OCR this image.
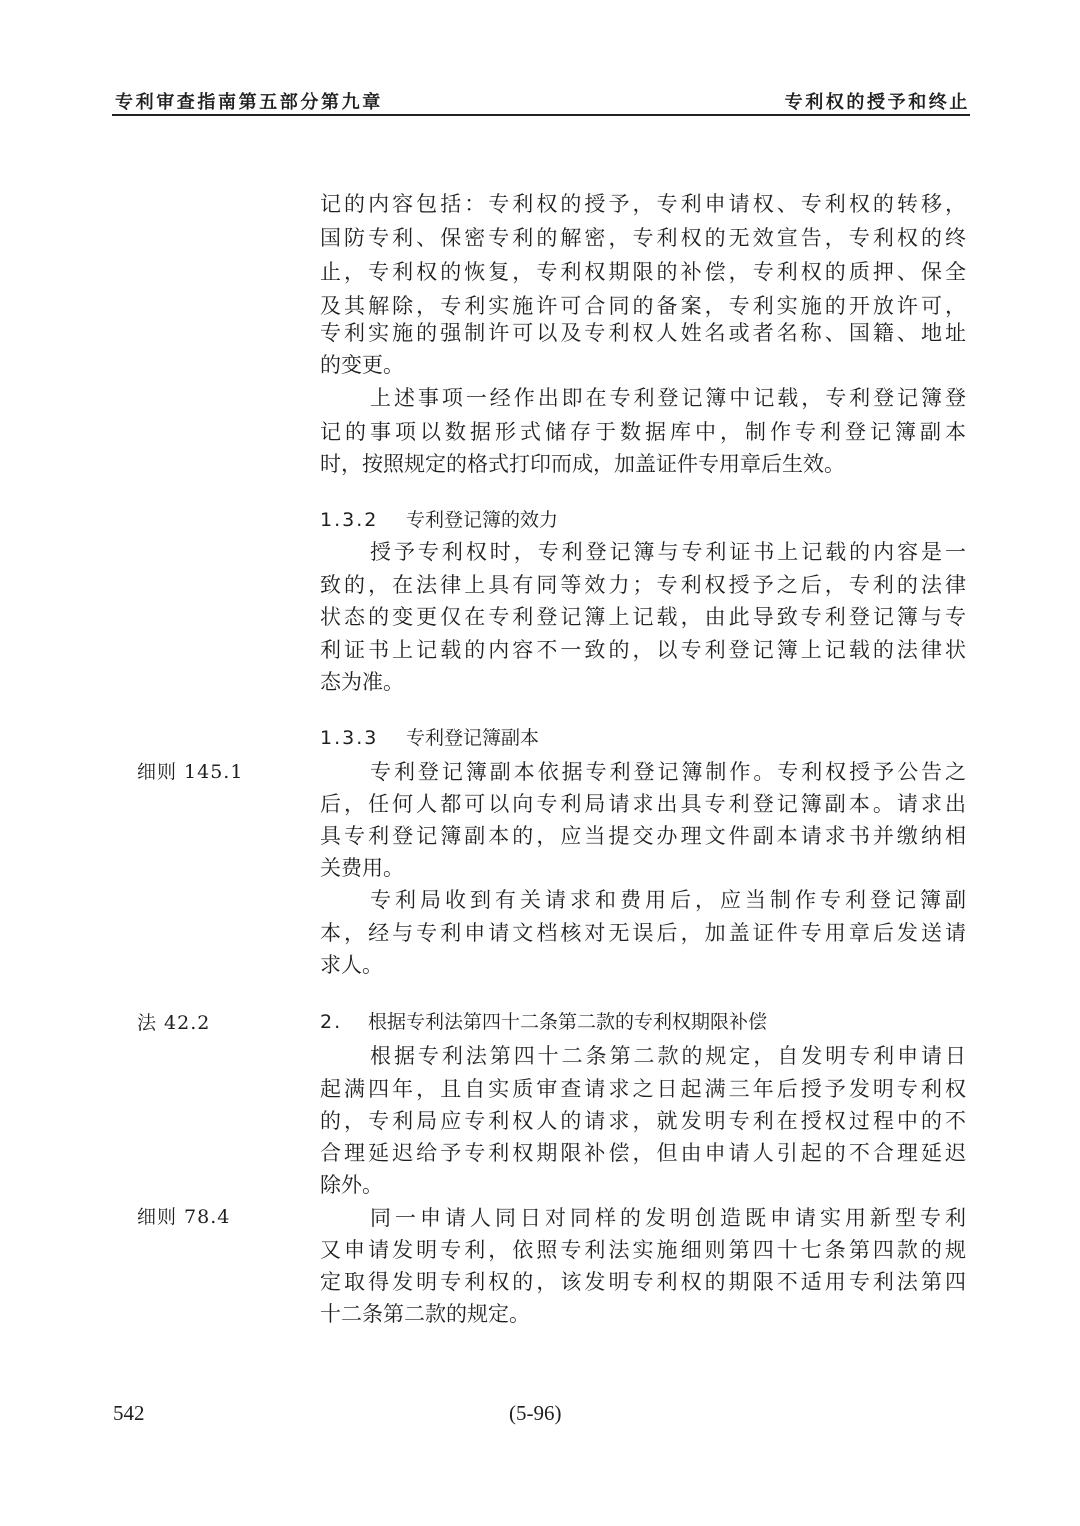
专利审查指南第五部分第九章	专利权的授予和终止
记的内容包括：专利权的授予，专利申请权、专利权的转移，
国防专利、保密专利的解密，专利权的无效宣告，专利权的终
止，专利权的恢复，专利权期限的补偿，专利权的质押、保全
及其解除，专利实施许可合同的备案，专利实施的开放许可，
专利实施的强制许可以及专利权人姓名或者名称、国籍、地址
的变更。
上述事项一经作出即在专利登记簿中记载，专利登记簿登
记的事项以数据形式储存于数据库中，制作专利登记簿副本
时，按照规定的格式打印而成，加盖证件专用章后生效。
1.3.2 专利登记簿的效力
授予专利权时，专利登记簿与专利证书上记载的内容是一
致的，在法律上具有同等效力；专利权授予之后，专利的法律
状态的变更仅在专利登记簿上记载，由此导致专利登记簿与专
利证书上记载的内容不一致的，以专利登记簿上记载的法律状
态为准。
1.3.3 专利登记簿副本
细则 145.1	专利登记簿副本依据专利登记簿制作。专利权授予公告之
后，任何人都可以向专利局请求出具专利登记簿副本。请求出
具专利登记簿副本的，应当提交办理文件副本请求书并缴纳相
关费用。
专利局收到有关请求和费用后，应当制作专利登记簿副
本，经与专利申请文档核对无误后，加盖证件专用章后发送请
求人。
法 42.2	2. 根据专利法第四十二条第二款的专利权期限补偿
根据专利法第四十二条第二款的规定，自发明专利申请日
起满四年，且自实质审查请求之日起满三年后授予发明专利权
的，专利局应专利权人的请求，就发明专利在授权过程中的不
合理延迟给予专利权期限补偿，但由申请人引起的不合理延迟
除外。
细则 78.4	同一申请人同日对同样的发明创造既申请实用新型专利
又申请发明专利，依照专利法实施细则第四十七条第四款的规
定取得发明专利权的，该发明专利权的期限不适用专利法第四
十二条第二款的规定。
542	(5-96)
